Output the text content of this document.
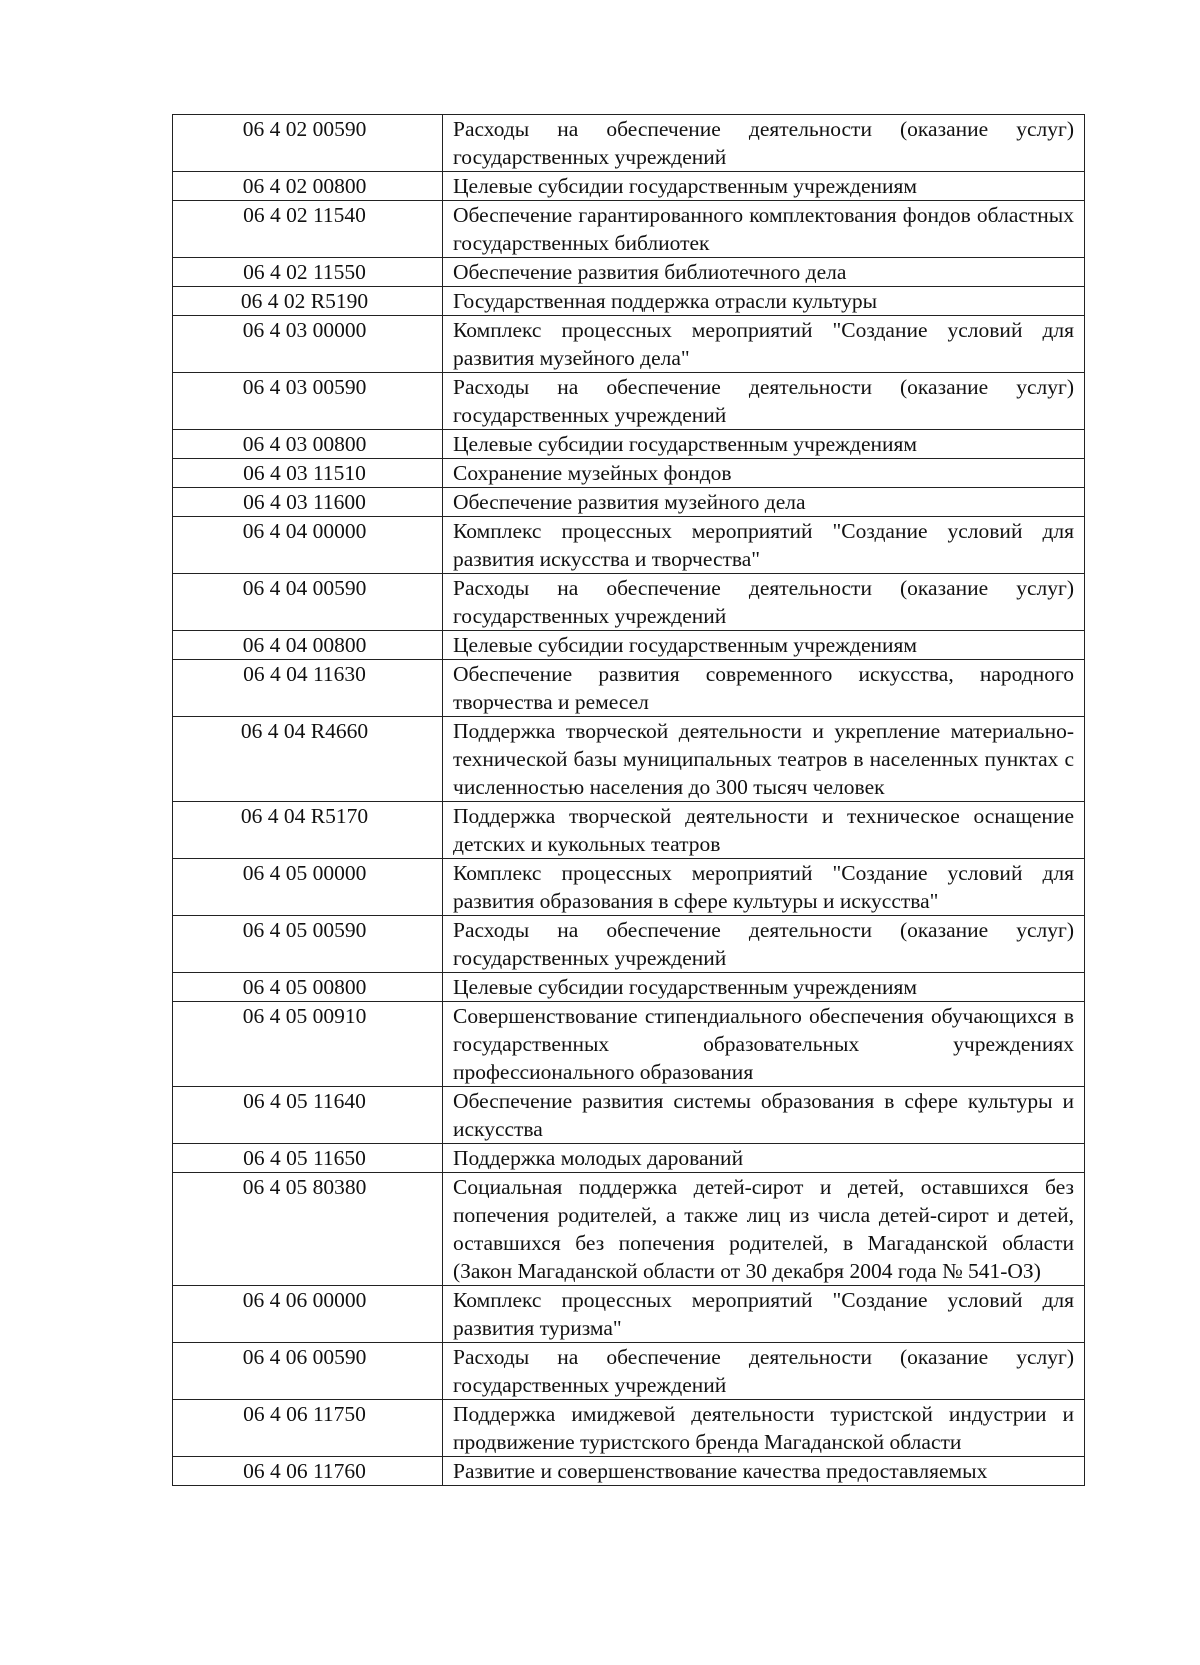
06 4 02 00590	Расходы на обеспечение деятельности (оказание услуг) государственных учреждений
06 4 02 00800	Целевые субсидии государственным учреждениям
06 4 02 11540	Обеспечение гарантированного комплектования фондов областных государственных библиотек
06 4 02 11550	Обеспечение развития библиотечного дела
06 4 02 R5190	Государственная поддержка отрасли культуры
06 4 03 00000	Комплекс процессных мероприятий "Создание условий для развития музейного дела"
06 4 03 00590	Расходы на обеспечение деятельности (оказание услуг) государственных учреждений
06 4 03 00800	Целевые субсидии государственным учреждениям
06 4 03 11510	Сохранение музейных фондов
06 4 03 11600	Обеспечение развития музейного дела
06 4 04 00000	Комплекс процессных мероприятий "Создание условий для развития искусства и творчества"
06 4 04 00590	Расходы на обеспечение деятельности (оказание услуг) государственных учреждений
06 4 04 00800	Целевые субсидии государственным учреждениям
06 4 04 11630	Обеспечение развития современного искусства, народного творчества и ремесел
06 4 04 R4660	Поддержка творческой деятельности и укрепление материально-технической базы муниципальных театров в населенных пунктах с численностью населения до 300 тысяч человек
06 4 04 R5170	Поддержка творческой деятельности и техническое оснащение детских и кукольных театров
06 4 05 00000	Комплекс процессных мероприятий "Создание условий для развития образования в сфере культуры и искусства"
06 4 05 00590	Расходы на обеспечение деятельности (оказание услуг) государственных учреждений
06 4 05 00800	Целевые субсидии государственным учреждениям
06 4 05 00910	Совершенствование стипендиального обеспечения обучающихся в государственных образовательных учреждениях профессионального образования
06 4 05 11640	Обеспечение развития системы образования в сфере культуры и искусства
06 4 05 11650	Поддержка молодых дарований
06 4 05 80380	Социальная поддержка детей-сирот и детей, оставшихся без попечения родителей, а также лиц из числа детей-сирот и детей, оставшихся без попечения родителей, в Магаданской области (Закон Магаданской области от 30 декабря 2004 года № 541-ОЗ)
06 4 06 00000	Комплекс процессных мероприятий "Создание условий для развития туризма"
06 4 06 00590	Расходы на обеспечение деятельности (оказание услуг) государственных учреждений
06 4 06 11750	Поддержка имиджевой деятельности туристской индустрии и продвижение туристского бренда Магаданской области
06 4 06 11760	Развитие и совершенствование качества предоставляемых
